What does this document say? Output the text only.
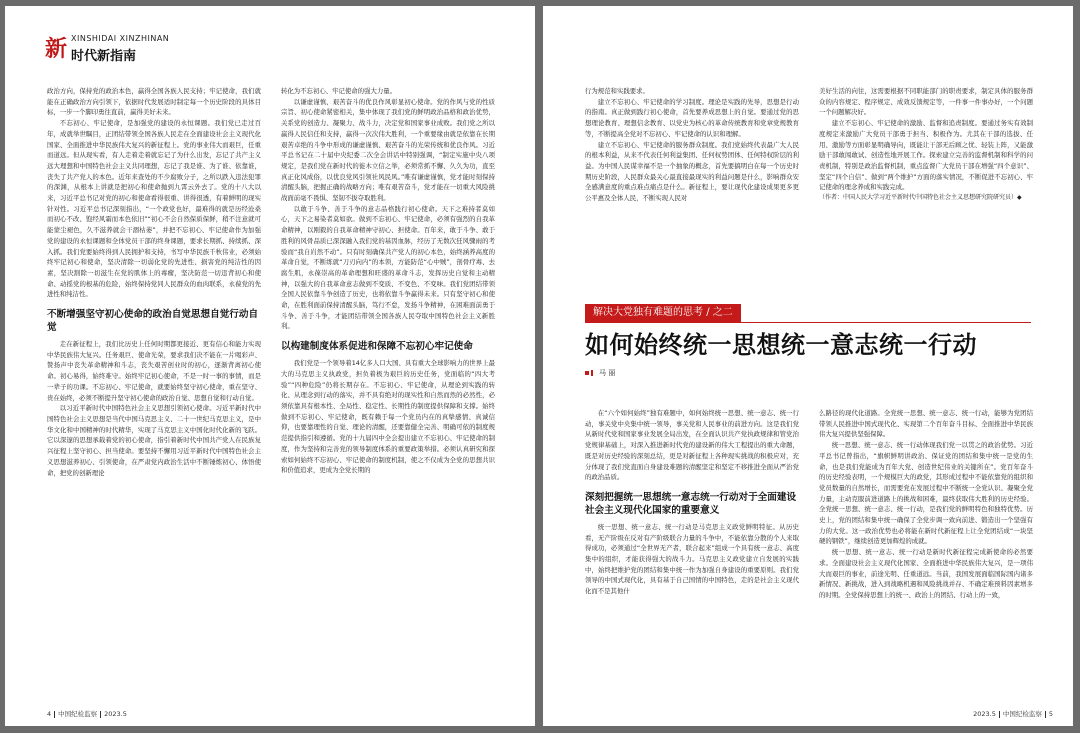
新 XINSHIDAI XINZHINAN
时代新指南

政治方向，保持党的政治本色，赢得全国各族人民支持；牢记使命，我们就能在正确政治方向引领下，依据时代发展适时制定每一个历史阶段的具体目标，一步一个脚印勇往直前，赢得美好未来。

不忘初心、牢记使命，是加强党的建设的永恒课题。我们党已走过百年，成就举世瞩目，正团结带领全国各族人民走在全面建设社会主义现代化国家、全面推进中华民族伟大复兴的新征程上。党的事业伟大而艰巨，任重而道远。但从现实看，有人走着走着就忘记了为什么出发，忘记了共产主义远大理想和中国特色社会主义共同理想，忘记了我是谁、为了谁、依靠谁，丧失了共产党人的本色。近年来查处的不少腐败分子，之所以跌入违法犯罪的深渊，从根本上讲就是把初心和使命抛到九霄云外去了。党的十八大以来，习近平总书记对党的初心和使命看得很重、讲得很透，有着鲜明的现实针对性。习近平总书记深刻指出，“一个政党也好，最难得的就是历经沧桑而初心不改、饱经风霜而本色依旧”“初心不会自然保质保鲜，稍不注意就可能蒙尘褪色，久不滋养就会干涸枯萎”，并把不忘初心、牢记使命作为加强党的建设的永恒课题和全体党员干部的终身课题，要求长期抓、持续抓、深入抓。我们党要始终得到人民拥护和支持，书写中华民族千秋伟业，必须始终牢记初心和使命，坚决清除一切弱化党的先进性、损害党的纯洁性的因素，坚决割除一切滋生在党的肌体上的毒瘤，坚决防范一切违背初心和使命、动摇党的根基的危险，始终保持党同人民群众的血肉联系，永葆党的先进性和纯洁性。

不断增强坚守初心使命的政治自觉思想自觉行动自觉

走在新征程上，我们比历史上任何时期都更接近、更有信心和能力实现中华民族伟大复兴。任务艰巨、使命光荣，要求我们决不能在一片喝彩声、赞扬声中丧失革命精神和斗志，丧失艰苦创业时的初心，逐渐背离初心使命。初心易得，始终难守。始终牢记初心使命，不是一时一事的事情，而是一辈子的功课。不忘初心、牢记使命，就要始终坚守初心使命，重在坚守、贵在始终，必须不断提升坚守初心使命的政治自觉、思想自觉和行动自觉。

以习近平新时代中国特色社会主义思想引领初心使命。习近平新时代中国特色社会主义思想是当代中国马克思主义、二十一世纪马克思主义，是中华文化和中国精神的时代精华，实现了马克思主义中国化时代化新的飞跃。它以深邃的思想承载着党的初心使命，指引着新时代中国共产党人在民族复兴征程上坚守初心、担当使命。要坚持不懈用习近平新时代中国特色社会主义思想滋养初心、引领使命，在严肃党内政治生活中不断锤炼初心、体悟使命，把党的创新理论

转化为不忘初心、牢记使命的强大力量。

以谦虚谨慎、艰苦奋斗的优良作风彰显初心使命。党的作风与党的性质宗旨、初心使命紧密相关，集中体现了我们党的鲜明政治品格和政治优势，关系党的创造力、凝聚力、战斗力，决定党和国家事业成败。我们党之所以赢得人民信任和支持，赢得一次次伟大胜利，一个重要缘由就是依靠在长期艰苦卓绝的斗争中形成的谦虚谨慎、艰苦奋斗的光荣传统和优良作风。习近平总书记在二十届中央纪委二次全会讲话中特别强调，“制定实施中央八项规定，是我们党在新时代的徙木立信之举，必须常抓不懈、久久为功，直至真正化风成俗，以优良党风引领社风民风。”唯有谦虚谨慎，党才能时刻保持清醒头脑，把握正确的战略方向；唯有艰苦奋斗，党才能在一切重大风险挑战面前毫不畏惧、坚韧不拔夺取胜利。

以敢于斗争、善于斗争的意志品格践行初心使命。天下之难持者莫如心，天下之易染者莫如欲。做到不忘初心、牢记使命，必须有强烈的自我革命精神，以刚毅的自我革命精神守初心、担使命。百年来，敢于斗争、敢于胜利的风骨品质已深深融入我们党的基因血脉，经历了无数次狂风骤雨的考验而“我自岿然不动”。只有时刻确保共产党人的初心本色，始终涵养高度的革命自觉，不断练就“刀刃向内”的本领，方能防范“心中贼”，剖骨疗毒、去腐生肌，永葆崇高的革命理想和旺盛的革命斗志，发挥历史自觉和主动精神，以强大的自我革命意志做到不变质、不变色、不变味。我们党团结带领全国人民依靠斗争创造了历史，也将依靠斗争赢得未来。只有坚守初心和使命，在胜利面前保持清醒头脑，笃行不怠，发扬斗争精神，在困难面前勇于斗争、善于斗争，才能团结带领全国各族人民夺取中国特色社会主义新胜利。

以构建制度体系促进和保障不忘初心牢记使命

我们党是一个领导着14亿多人口大国、具有重大全球影响力的世界上最大的马克思主义执政党，担负着极为艰巨的历史任务，党面临的“四大考验”“四种危险”仍将长期存在。不忘初心、牢记使命，从理论到实践的转化、从理念到行动的落实，并不具有绝对的现实性和自然而然的必然性，必须依靠具有根本性、全局性、稳定性、长期性的制度提供保障和支撑。始终做到不忘初心、牢记使命，既有赖于每一个党员内在的真挚感情、真诚信仰，也要靠理性的自觉、理论的清醒，还要靠健全完善、明确可依的制度规范提供指引和遵循。党的十九届四中全会提出建立不忘初心、牢记使命的制度，作为坚持和完善党的领导制度体系的重要政策举措。必须认真研究和探索如何始终不忘初心、牢记使命的制度机制，使之不仅成为全党的思想共识和价值追求，更成为全党长期的

4 中国纪检监察 2023.5

行为规范和实践要求。

建立不忘初心、牢记使命的学习制度。理论是实践的先导，思想是行动的指南。真正做到践行初心使命，首先要养成思想上的自觉。要通过党的思想理论教育、理想信念教育、以党史为核心的革命传统教育和党章党规教育等，不断提高全党对不忘初心、牢记使命的认识和理解。

建立不忘初心、牢记使命的服务群众制度。我们党始终代表最广大人民的根本利益，从来不代表任何利益集团、任何权势团体、任何特权阶层的利益。为中国人民谋幸福不是一个抽象的概念，首先要搞明白在每一个历史时期历史阶段，人民群众最关心最直接最现实的利益问题是什么，影响群众安全感满意度的重点难点痛点是什么。新征程上，要让现代化建设成果更多更公平惠及全体人民，不断实现人民对

美好生活的向往，这需要根据不同职能部门的职责要求，制定具体的服务群众的内容规定、程序规定、成效反馈规定等，一件事一件事办好，一个问题一个问题解决好。

建立不忘初心、牢记使命的激励、监督和追责制度。要通过务实有效制度规定来激励广大党员干部勇于担当、积极作为。尤其在干部的选拔、任用、激励等方面彰显明确导向，既能让干部无后顾之忧、轻装上阵，又能激励干部敢闯敢试、创造性地开展工作。探索建立完善的监督机制和科学的问责机制，特别是政治监督机制，重点监督广大党员干部在增强“四个意识”、坚定“四个自信”、做到“两个维护”方面的落实情况，不断促进不忘初心、牢记使命的理念养成和实践完成。

（作者：中国人民大学习近平新时代中国特色社会主义思想研究院研究员）◆

解决大党独有难题的思考 / 之二
如何始终统一思想统一意志统一行动
马 丽

在“六个如何始终”独有难题中，如何始终统一思想、统一意志、统一行动，事关党中央集中统一领导，事关党和人民事业的前进方向。这是我们党从新时代党和国家事业发展全局出发，在全面认识共产党执政规律和管党治党规律基础上，对深入推进新时代党的建设新的伟大工程提出的重大命题，既是对历史经验的深刻总结，更是对新征程上各种现实挑战的积极应对，充分体现了我们党直面自身建设难题的清醒坚定和坚定不移推进全面从严治党的政治品质。

深刻把握统一思想统一意志统一行动对于全面建设社会主义现代化国家的重要意义

统一思想、统一意志、统一行动是马克思主义政党鲜明特征。从历史看，无产阶级在反对有产阶级联合力量的斗争中，不能依靠分散的个人来取得成功，必须通过“全世界无产者，联合起来”组成一个具有统一意志、高度集中的组织，才能获得强大的战斗力。马克思主义政党建立自发展的实践中，始终把维护党的团结和集中统一作为加强自身建设的重要原则。我们党领导的中国式现代化，具有基于自己国情的中国特色，走的是社会主义现代化而不是其他什

么路径的现代化道路。全党统一思想、统一意志、统一行动，能够为党团结带领人民推进中国式现代化、实现第二个百年奋斗目标、全面推进中华民族伟大复兴提供坚强保障。

统一思想、统一意志、统一行动体现我们党一以贯之的政治优势。习近平总书记曾指出，“旗帜鲜明讲政治、保证党的团结和集中统一是党的生命，也是我们党能成为百年大党、创造世纪伟业的关键所在”。党百年奋斗的历史经验表明，一个规模巨大的政党，其形成过程中不能依靠党的组织和党员数量的自然增长，而需要党在发展过程中不断统一全党认识、凝聚全党力量，主动克服前进道路上的挑战和困难，最终获取伟大胜利的历史经验。全党统一思想、统一意志、统一行动，是我们党的鲜明特色和独特优势。历史上，党的团结和集中统一确保了全党步调一致向前进、锻造出一个坚强有力的大党。这一政治优势也必将能在新时代新征程上让全党团结成“一块坚硬的钢铁”，继续创造更加辉煌的成就。

统一思想、统一意志、统一行动是新时代新征程完成新使命的必然要求。全面建设社会主义现代化国家、全面推进中华民族伟大复兴，是一项伟大而艰巨的事业，前途光明、任重道远。当前，我国发展面临国际国内诸多新情况、新挑战，进入到战略机遇和风险挑战并存、不确定难预料因素增多的时期。全党保持思想上的统一、政治上的团结、行动上的一致，

2023.5 中国纪检监察 5
